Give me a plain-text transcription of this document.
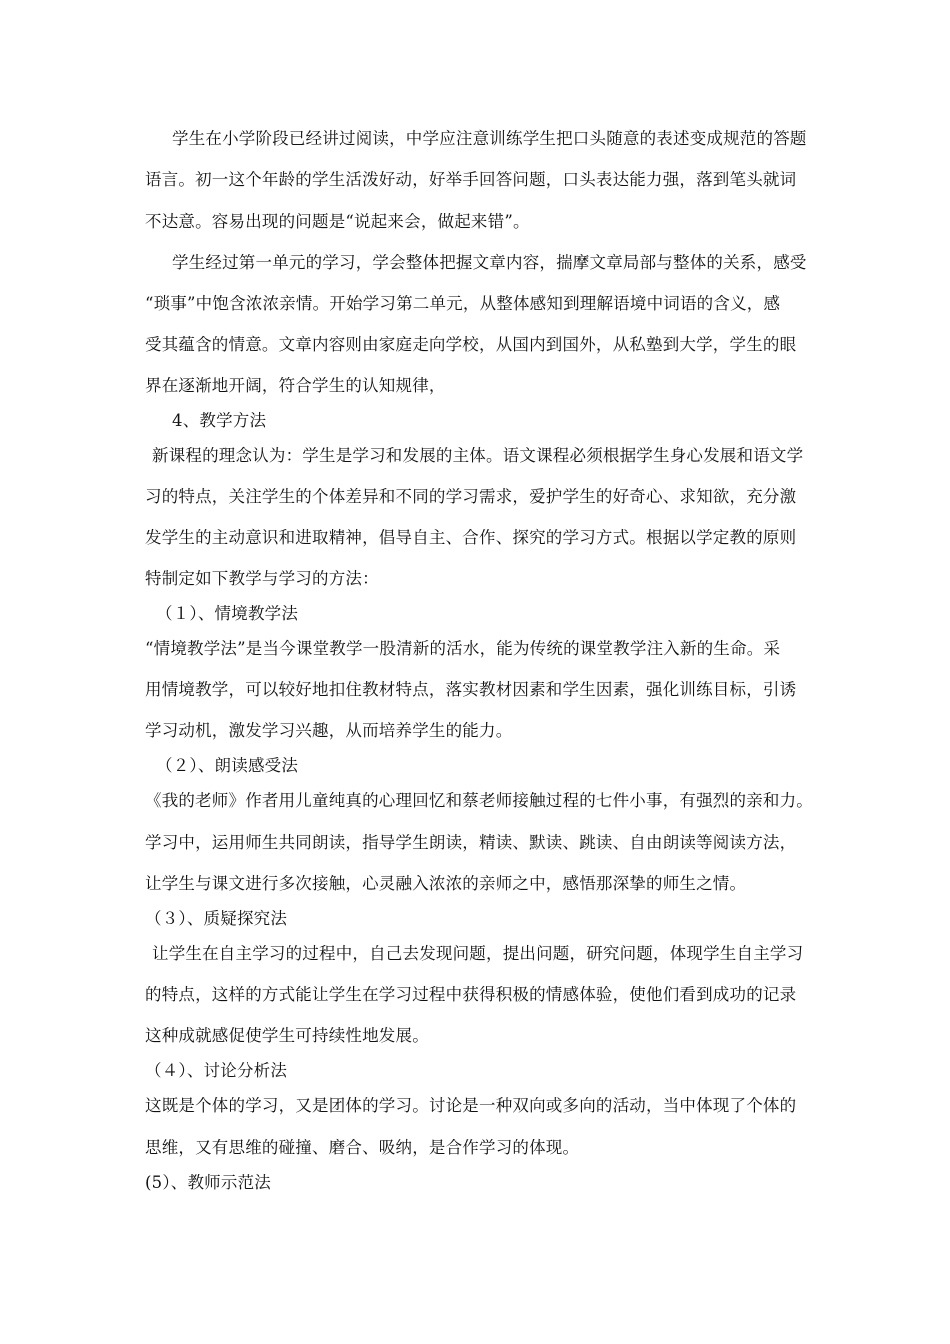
学生在小学阶段已经讲过阅读，中学应注意训练学生把口头随意的表述变成规范的答题
语言。初一这个年龄的学生活泼好动，好举手回答问题，口头表达能力强，落到笔头就词
不达意。容易出现的问题是“说起来会，做起来错”。
学生经过第一单元的学习，学会整体把握文章内容，揣摩文章局部与整体的关系，感受
“琐事”中饱含浓浓亲情。开始学习第二单元，从整体感知到理解语境中词语的含义，感
受其蕴含的情意。文章内容则由家庭走向学校，从国内到国外，从私塾到大学，学生的眼
界在逐渐地开阔，符合学生的认知规律，
4、教学方法
新课程的理念认为：学生是学习和发展的主体。语文课程必须根据学生身心发展和语文学
习的特点，关注学生的个体差异和不同的学习需求，爱护学生的好奇心、求知欲，充分激
发学生的主动意识和进取精神，倡导自主、合作、探究的学习方式。根据以学定教的原则
特制定如下教学与学习的方法：
（１）、情境教学法
“情境教学法”是当今课堂教学一股清新的活水，能为传统的课堂教学注入新的生命。采
用情境教学，可以较好地扣住教材特点，落实教材因素和学生因素，强化训练目标，引诱
学习动机，激发学习兴趣，从而培养学生的能力。
（２）、朗读感受法
《我的老师》作者用儿童纯真的心理回忆和蔡老师接触过程的七件小事，有强烈的亲和力。
学习中，运用师生共同朗读，指导学生朗读，精读、默读、跳读、自由朗读等阅读方法，
让学生与课文进行多次接触，心灵融入浓浓的亲师之中，感悟那深挚的师生之情。
（３）、质疑探究法
让学生在自主学习的过程中，自己去发现问题，提出问题，研究问题，体现学生自主学习
的特点，这样的方式能让学生在学习过程中获得积极的情感体验，使他们看到成功的记录
这种成就感促使学生可持续性地发展。
（４）、讨论分析法
这既是个体的学习，又是团体的学习。讨论是一种双向或多向的活动，当中体现了个体的
思维，又有思维的碰撞、磨合、吸纳，是合作学习的体现。
(5）、教师示范法
